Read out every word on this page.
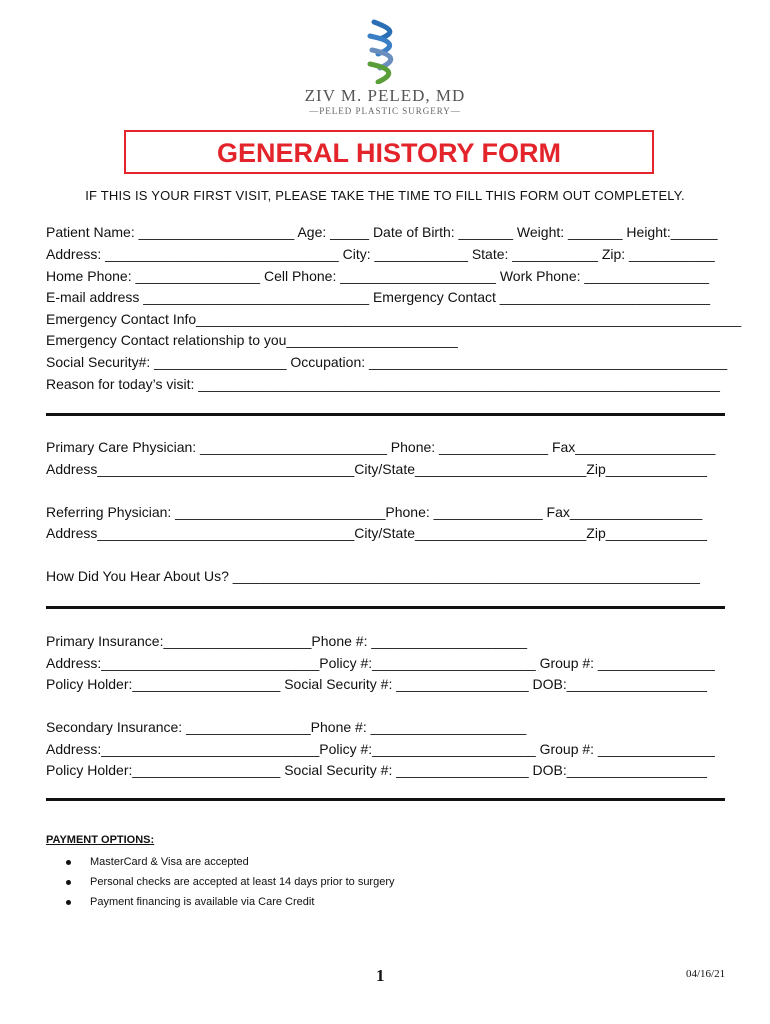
ZIV M. PELED, MD
—PELED PLASTIC SURGERY—
GENERAL HISTORY FORM
IF THIS IS YOUR FIRST VISIT, PLEASE TAKE THE TIME TO FILL THIS FORM OUT COMPLETELY.
Patient Name: ____________________ Age: _____ Date of Birth: _______ Weight: _______ Height:______
Address: ______________________________ City: ____________ State: ___________ Zip: ___________
Home Phone: ________________ Cell Phone: ____________________ Work Phone: ________________
E-mail address _____________________________ Emergency Contact ___________________________
Emergency Contact Info______________________________________________________________________
Emergency Contact relationship to you______________________
Social Security#: _________________ Occupation: ______________________________________________
Reason for today’s visit: ___________________________________________________________________
Primary Care Physician: ________________________ Phone: ______________ Fax__________________
Address_________________________________City/State______________________Zip_____________
Referring Physician: ___________________________Phone: ______________ Fax_________________
Address_________________________________City/State______________________Zip_____________
How Did You Hear About Us? ____________________________________________________________
Primary Insurance:___________________Phone #: ____________________
Address:____________________________Policy #:_____________________ Group #: _______________
Policy Holder:___________________ Social Security #: _________________ DOB:__________________
Secondary Insurance: ________________Phone #: ____________________
Address:____________________________Policy #:_____________________ Group #: _______________
Policy Holder:___________________ Social Security #: _________________ DOB:__________________
PAYMENT OPTIONS:
MasterCard & Visa are accepted
Personal checks are accepted at least 14 days prior to surgery
Payment financing is available via Care Credit
1	04/16/21
